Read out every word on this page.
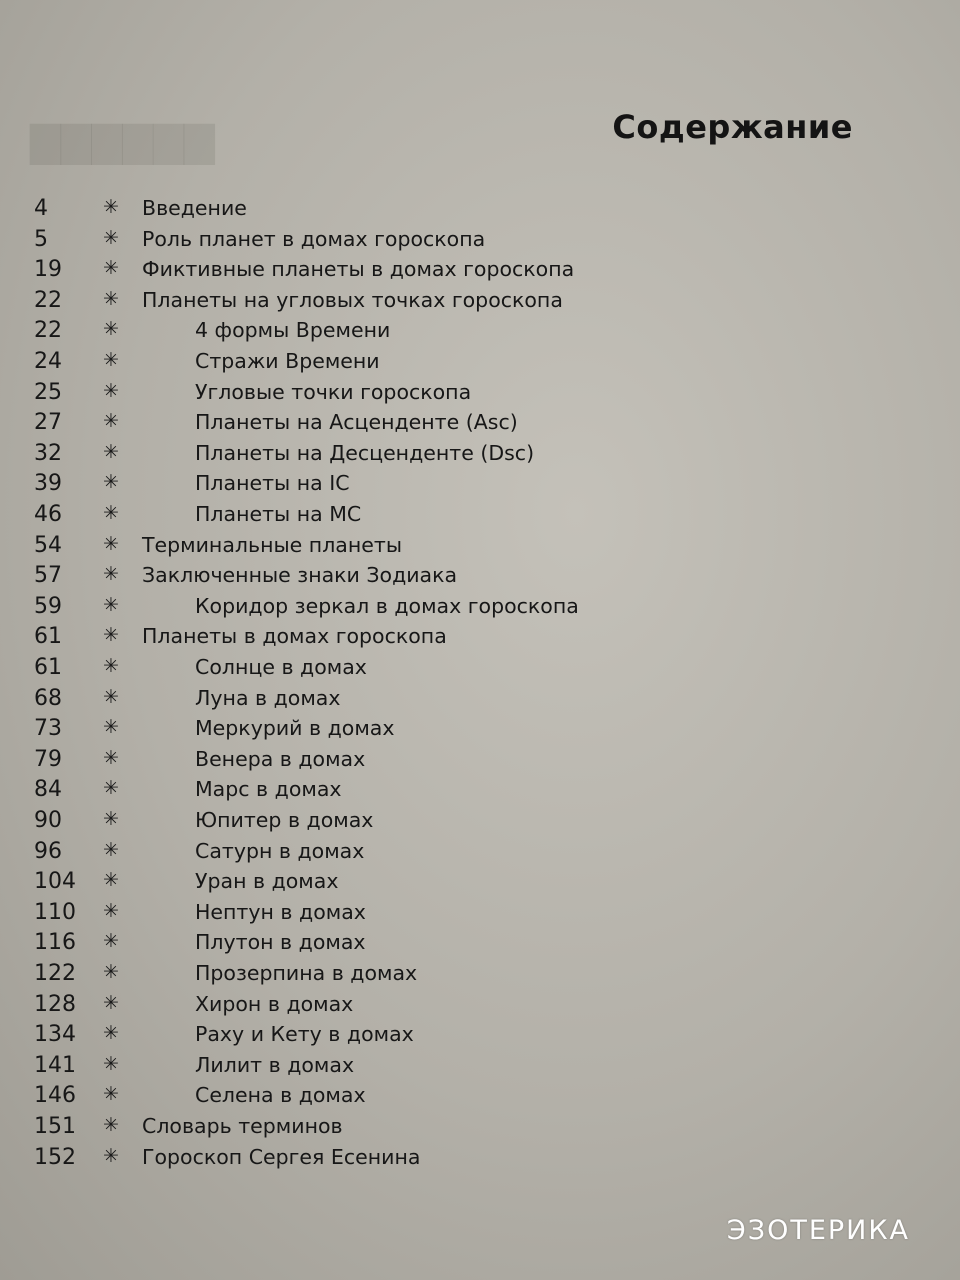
▇▇▇▇▇▇	Содержание
4	✳ Введение
5	✳ Роль планет в домах гороскопа
19	✳ Фиктивные планеты в домах гороскопа
22	✳ Планеты на угловых точках гороскопа
22	✳	4 формы Времени
24	✳	Стражи Времени
25	✳	Угловые точки гороскопа
27	✳	Планеты на Асценденте (Asc)
32	✳	Планеты на Десценденте (Dsc)
39	✳	Планеты на IC
46	✳	Планеты на МС
54	✳ Терминальные планеты
57	✳ Заключенные знаки Зодиака
59	✳	Коридор зеркал в домах гороскопа
61	✳ Планеты в домах гороскопа
61	✳	Солнце в домах
68	✳	Луна в домах
73	✳	Меркурий в домах
79	✳	Венера в домах
84	✳	Марс в домах
90	✳	Юпитер в домах
96	✳	Сатурн в домах
104	✳	Уран в домах
110	✳	Нептун в домах
116	✳	Плутон в домах
122	✳	Прозерпина в домах
128	✳	Хирон в домах
134	✳	Раху и Кету в домах
141	✳	Лилит в домах
146	✳	Селена в домах
151	✳ Словарь терминов
152	✳ Гороскоп Сергея Есенина
ЭЗОТЕРИКА
